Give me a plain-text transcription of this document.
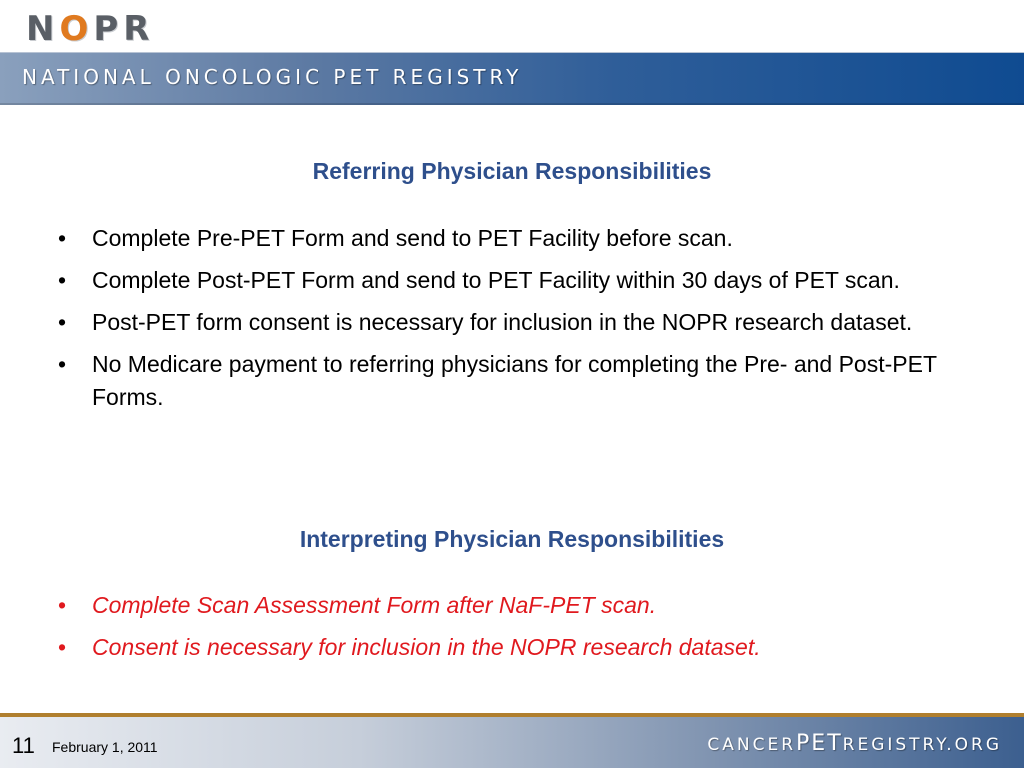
N O P R
NATIONAL ONCOLOGIC PET REGISTRY
Referring Physician Responsibilities
• Complete Pre-PET Form and send to PET Facility before scan.
• Complete Post-PET Form and send to PET Facility within 30 days of PET scan.
• Post-PET form consent is necessary for inclusion in the NOPR research dataset.
• No Medicare payment to referring physicians for completing the Pre- and Post-PET Forms.
Interpreting Physician Responsibilities
• Complete Scan Assessment Form after NaF-PET scan.
• Consent is necessary for inclusion in the NOPR research dataset.
11 February 1, 2011	CANCERPETREGISTRY.ORG
